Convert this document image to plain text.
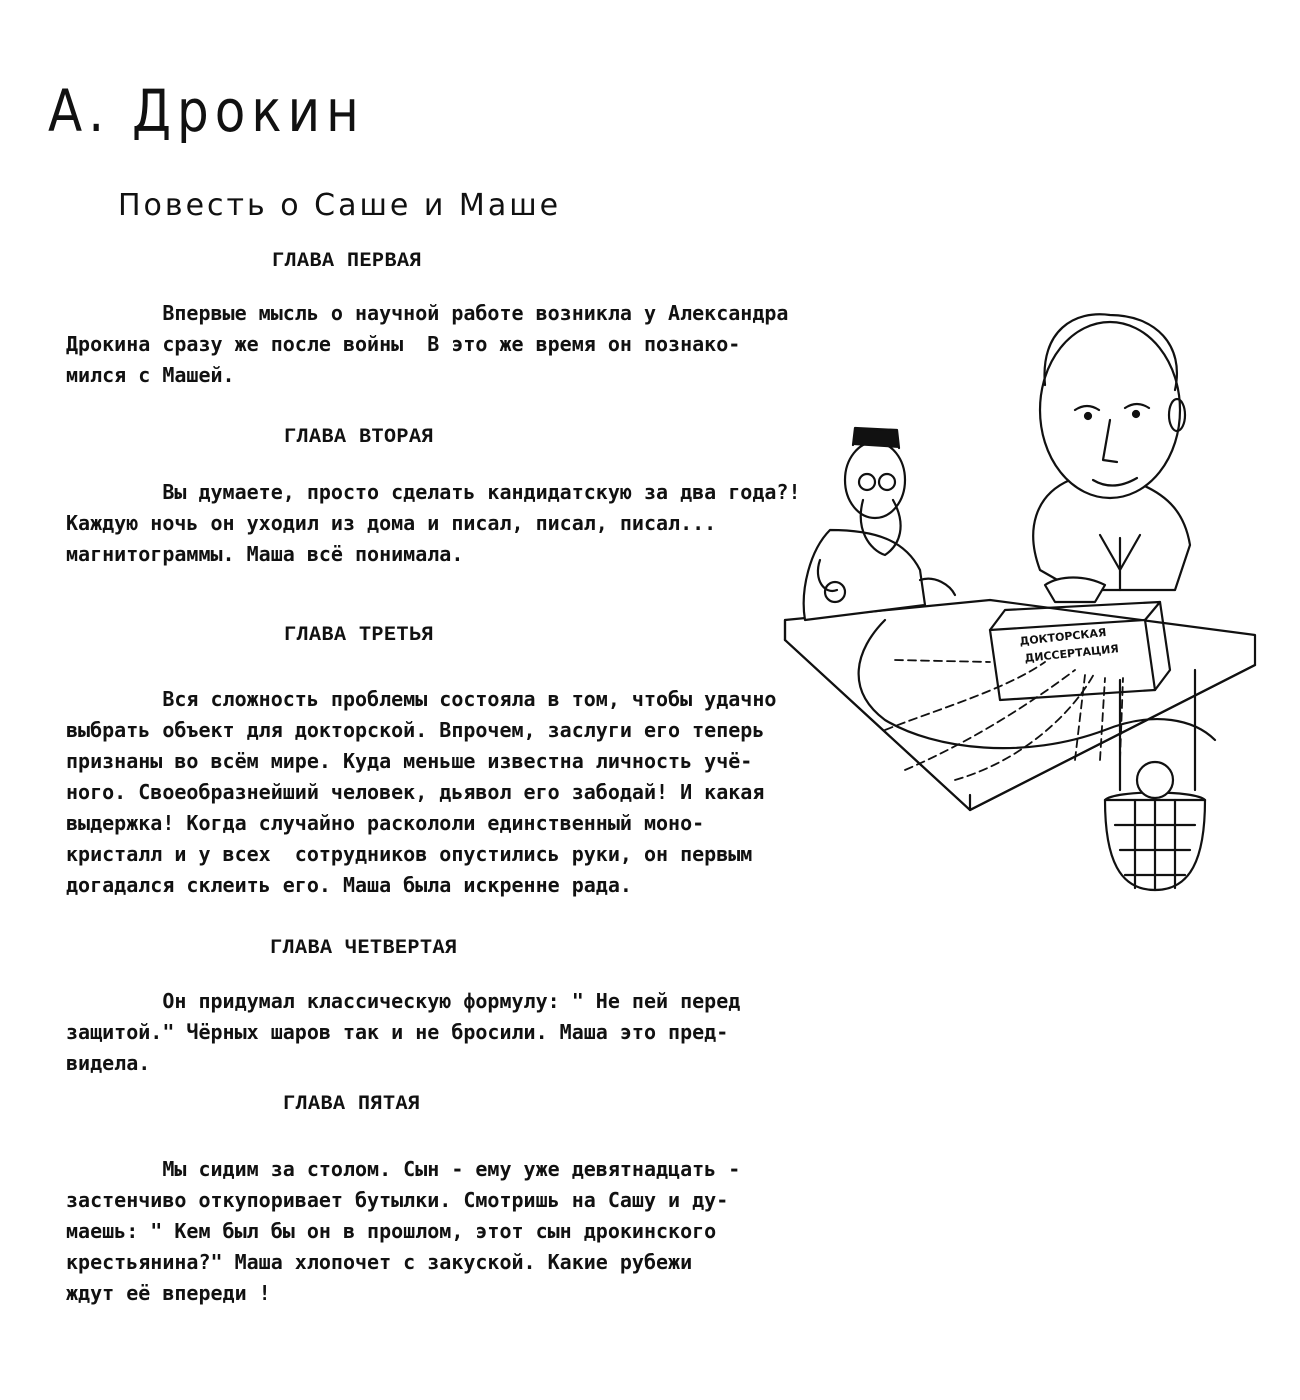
А. Дрокин
Повесть о Саше и Маше
ГЛАВА ПЕРВАЯ
Впервые мысль о научной работе возникла у Александра
Дрокина сразу же после войны  В это же время он познако-
мился с Машей.
ГЛАВА ВТОРАЯ
Вы думаете, просто сделать кандидатскую за два года?!
Каждую ночь он уходил из дома и писал, писал, писал...
магнитограммы. Маша всё понимала.
ГЛАВА ТРЕТЬЯ
Вся сложность проблемы состояла в том, чтобы удачно
выбрать объект для докторской. Впрочем, заслуги его теперь
признаны во всём мире. Куда меньше известна личность учё-
ного. Своеобразнейший человек, дьявол его забодай! И какая
выдержка! Когда случайно раскололи единственный моно-
кристалл и у всех  сотрудников опустились руки, он первым
догадался склеить его. Маша была искренне рада.
ГЛАВА ЧЕТВЕРТАЯ
Он придумал классическую формулу: " Не пей перед
защитой." Чёрных шаров так и не бросили. Маша это пред-
видела.
ГЛАВА ПЯТАЯ
Мы сидим за столом. Сын - ему уже девятнадцать -
застенчиво откупоривает бутылки. Смотришь на Сашу и ду-
маешь: " Кем был бы он в прошлом, этот сын дрокинского
крестьянина?" Маша хлопочет с закуской. Какие рубежи
ждут её впереди !
ДОКТОРСКАЯ
ДИССЕРТАЦИЯ
